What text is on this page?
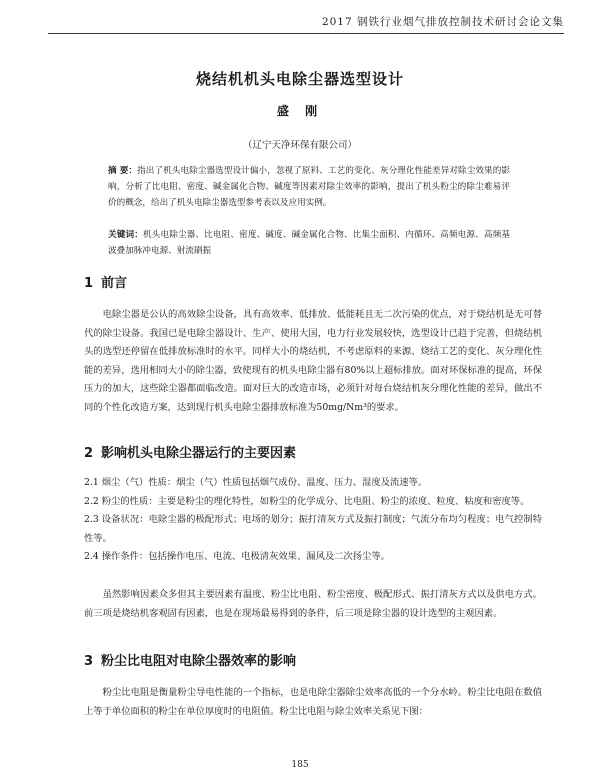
2017 钢铁行业烟气排放控制技术研讨会论文集
烧结机机头电除尘器选型设计
盛 刚
（辽宁天净环保有限公司）
摘 要：指出了机头电除尘器选型设计偏小，忽视了原料、工艺的变化、灰分理化性能差异对除尘效果的影响，分析了比电阻、密度、碱金属化合物、碱度等因素对除尘效率的影响，提出了机头粉尘的除尘难易评价的概念，给出了机头电除尘器选型参考表以及应用实例。
关键词：机头电除尘器、比电阻、密度、碱度、碱金属化合物、比集尘面积、内循环、高频电源、高频基波叠加脉冲电源、射流刷振
1 前言
电除尘器是公认的高效除尘设备，具有高效率、低排放、低能耗且无二次污染的优点，对于烧结机是无可替代的除尘设备。我国已是电除尘器设计、生产、使用大国，电力行业发展较快，选型设计已趋于完善，但烧结机头的选型还停留在低排放标准时的水平。同样大小的烧结机，不考虑原料的来源、烧结工艺的变化、灰分理化性能的差异，选用相同大小的除尘器，致使现有的机头电除尘器有80%以上超标排放。面对环保标准的提高，环保压力的加大，这些除尘器都面临改造。面对巨大的改造市场，必须针对每台烧结机灰分理化性能的差异，做出不同的个性化改造方案，达到现行机头电除尘器排放标准为50mg/Nm³的要求。
2 影响机头电除尘器运行的主要因素
2.1 烟尘（气）性质：烟尘（气）性质包括烟气成份、温度、压力、湿度及流速等。
2.2 粉尘的性质：主要是粉尘的理化特性，如粉尘的化学成分、比电阻、粉尘的浓度、粒度、粘度和密度等。
2.3 设备状况：电除尘器的极配形式；电场的划分；振打清灰方式及振打制度；气流分布均匀程度；电气控制特性等。
2.4 操作条件：包括操作电压、电流、电极清灰效果、漏风及二次扬尘等。
虽然影响因素众多但其主要因素有温度、粉尘比电阻、粉尘密度、极配形式、振打清灰方式以及供电方式。前三项是烧结机客观固有因素，也是在现场最易得到的条件，后三项是除尘器的设计选型的主观因素。
3 粉尘比电阻对电除尘器效率的影响
粉尘比电阻是衡量粉尘导电性能的一个指标，也是电除尘器除尘效率高低的一个分水岭。粉尘比电阻在数值上等于单位面积的粉尘在单位厚度时的电阻值。粉尘比电阻与除尘效率关系见下图：
185
